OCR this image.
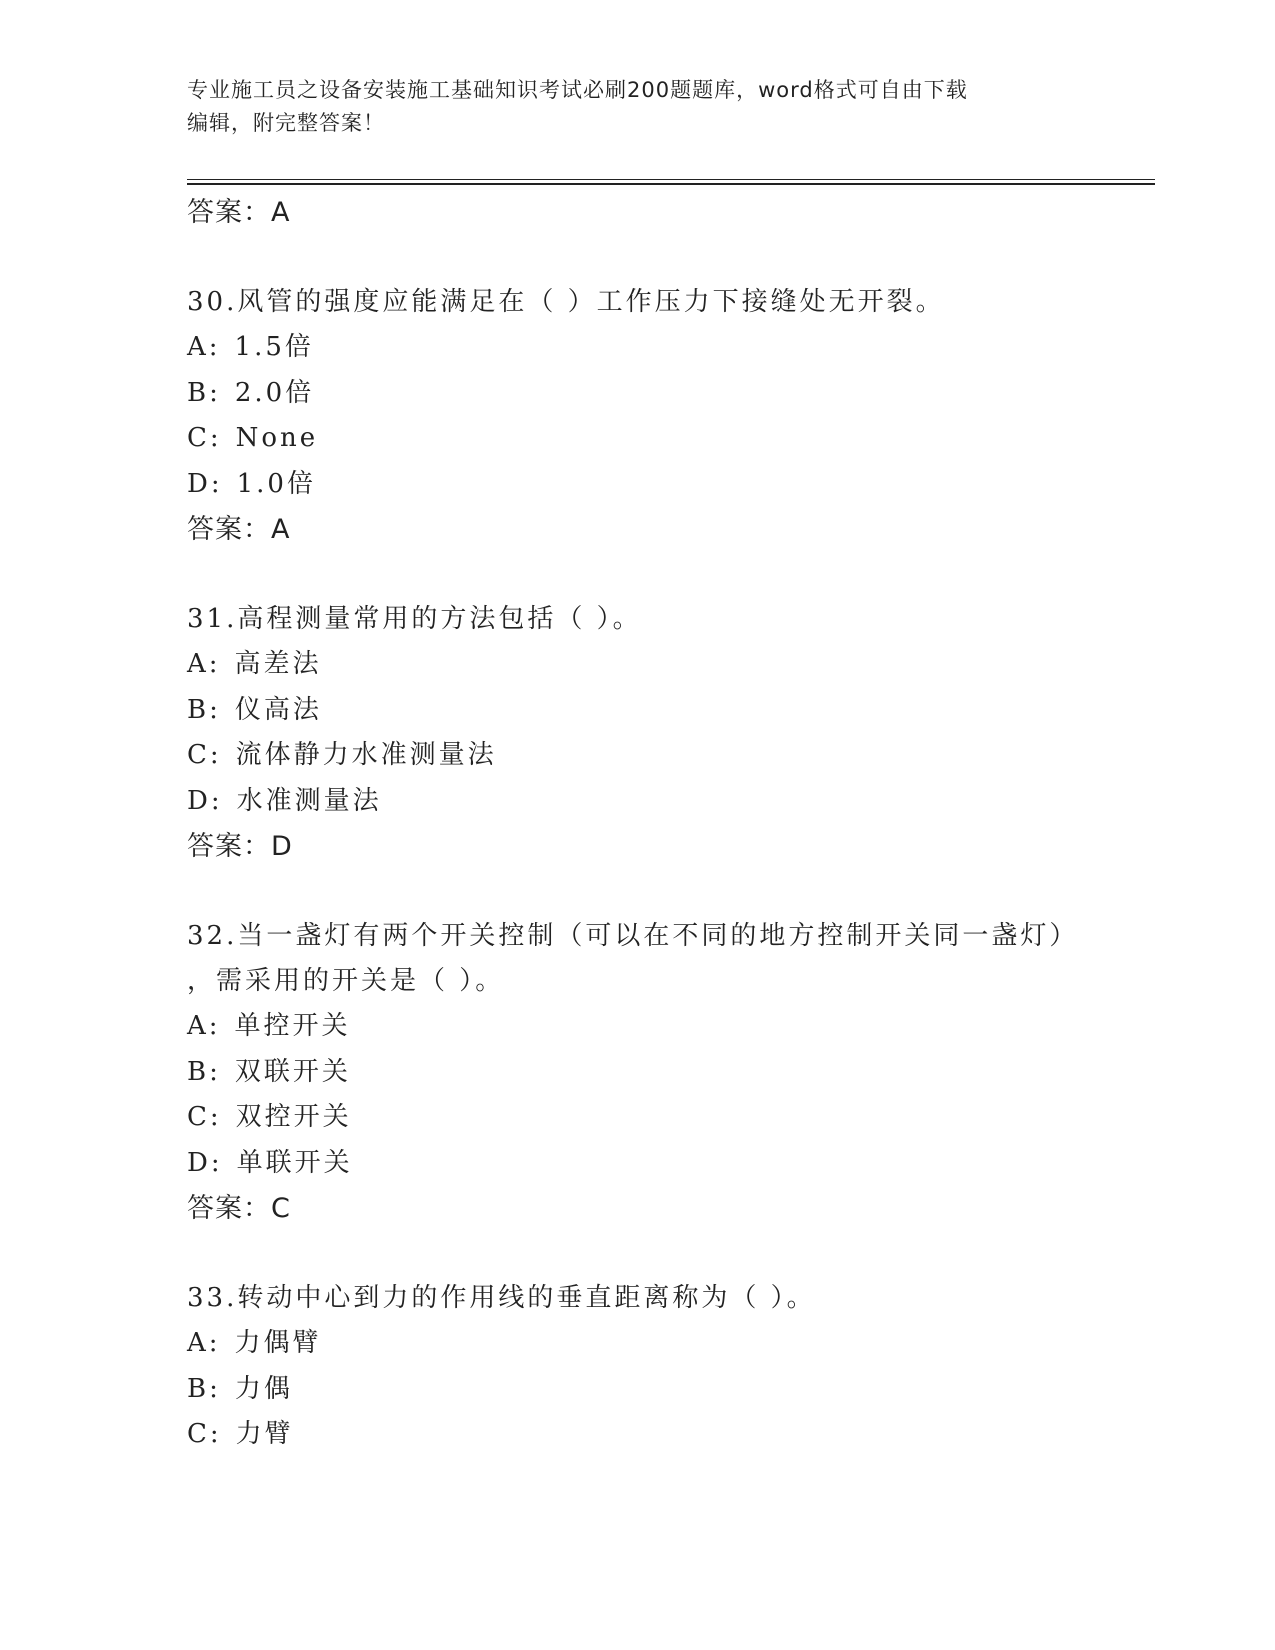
专业施工员之设备安装施工基础知识考试必刷200题题库，word格式可自由下载
编辑，附完整答案！
答案：A
30.风管的强度应能满足在（ ）工作压力下接缝处无开裂。
A: 1.5倍
B: 2.0倍
C: None
D: 1.0倍
答案：A
31.高程测量常用的方法包括（ ）。
A: 高差法
B: 仪高法
C: 流体静力水准测量法
D: 水准测量法
答案：D
32.当一盏灯有两个开关控制（可以在不同的地方控制开关同一盏灯）
，需采用的开关是（ ）。
A: 单控开关
B: 双联开关
C: 双控开关
D: 单联开关
答案：C
33.转动中心到力的作用线的垂直距离称为（ ）。
A: 力偶臂
B: 力偶
C: 力臂
